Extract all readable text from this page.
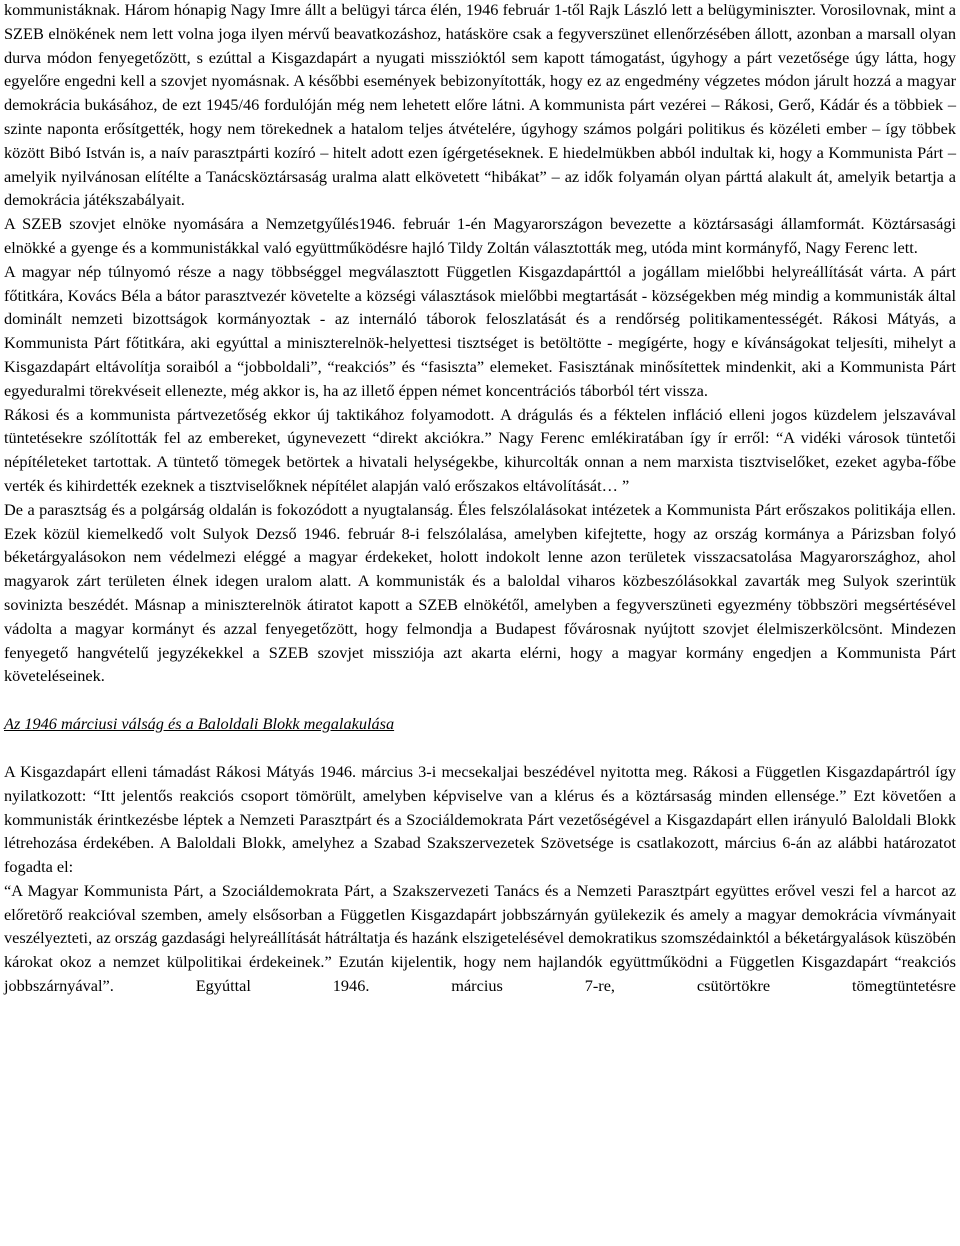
kommunistáknak. Három hónapig Nagy Imre állt a belügyi tárca élén, 1946 február 1-től Rajk László lett a belügyminiszter. Vorosilovnak, mint a SZEB elnökének nem lett volna joga ilyen mérvű beavatkozáshoz, hatásköre csak a fegyverszünet ellenőrzésében állott, azonban a marsall olyan durva módon fenyegetőzött, s ezúttal a Kisgazdapárt a nyugati missziόktól sem kapott támogatást, úgyhogy a párt vezetősége úgy látta, hogy egyelőre engedni kell a szovjet nyomásnak. A későbbi események bebizonyították, hogy ez az engedmény végzetes módon járult hozzá a magyar demokrácia bukásához, de ezt 1945/46 fordulóján még nem lehetett előre látni. A kommunista párt vezérei – Rákosi, Gerő, Kádár és a többiek – szinte naponta erősítgették, hogy nem törekednek a hatalom teljes átvételére, úgyhogy számos polgári politikus és közéleti ember – így többek között Bibó István is, a naív parasztpárti kοzíró – hitelt adott ezen ígérgetéseknek. E hiedelmükben abból indultak ki, hogy a Kommunista Párt – amelyik nyilvánosan elítélte a Tanácsköztársaság uralma alatt elkövetett “hibákat” – az idők folyamán olyan párttá alakult át, amelyik betartja a demokrácia játékszabályait.

A SZEB szovjet elnöke nyomására a Nemzetgyűlés1946. február 1-én Magyarországon bevezette a köztársasági államformát. Köztársasági elnökké a gyenge és a kommunistákkal való együttműködésre hajló Tildy Zoltán választották meg, utóda mint kormányfő, Nagy Ferenc lett.

A magyar nép túlnyomó része a nagy többséggel megválasztott Független Kisgazdapárttól a jogállam mielőbbi helyreállítását várta. A párt főtitkára, Kovács Béla a bátor parasztvezér követelte a községi választások mielőbbi megtartását - községekben még mindig a kommunisták által dominált nemzeti bizottságok kormányoztak - az internáló táborok feloszlatását és a rendőrség politikamentességét. Rákosi Mátyás, a Kommunista Párt főtitkára, aki egyúttal a miniszterelnök-helyettesi tisztséget is betöltötte - megígérte, hogy e kívánságokat teljesíti, mihelyt a Kisgazdapárt eltávolítja soraiból a “jobboldali”, “reakciós” és “fasiszta” elemeket. Fasisztának minősítettek mindenkit, aki a Kommunista Párt egyeduralmi törekvéseit ellenezte, még akkor is, ha az illető éppen német koncentrációs táborból tért vissza.

Rákosi és a kommunista pártvezetőség ekkor új taktikához folyamodott. A drágulás és a féktelen infláció elleni jogos küzdelem jelszavával tüntetésekre szólították fel az embereket, úgynevezett “direkt akciókra.” Nagy Ferenc emlékiratában így ír erről: “A vidéki városok tüntetői népítéleteket tartottak. A tüntető tömegek betörtek a hivatali helységekbe, kihurcolták onnan a nem marxista tisztviselőket, ezeket agyba-főbe verték és kihirdették ezeknek a tisztviselőknek népítélet alapján való erőszakos eltávolítását… ”

De a parasztság és a polgárság oldalán is fokozódott a nyugtalanság. Éles felszólalásokat intézetek a Kommunista Párt erőszakos politikája ellen. Ezek közül kiemelkedő volt Sulyok Dezső 1946. február 8-i felszólalása, amelyben kifejtette, hogy az ország kormánya a Párizsban folyó béketárgyalásokon nem védelmezi eléggé a magyar érdekeket, holott indokolt lenne azon területek visszacsatolása Magyarországhoz, ahol magyarok zárt területen élnek idegen uralom alatt. A kommunisták és a baloldal viharos közbeszólásokkal zavarták meg Sulyok szerintük sovinizta beszédét. Másnap a miniszterelnök átiratot kapott a SZEB elnökétől, amelyben a fegyverszüneti egyezmény többszöri megsértésével vádolta a magyar kormányt és azzal fenyegetőzött, hogy felmondja a Budapest fővárosnak nyújtott szovjet élelmiszerkölcsönt. Mindezen fenyegető hangvételű jegyzékekkel a SZEB szovjet missziója azt akarta elérni, hogy a magyar kormány engedjen a Kommunista Párt követeléseinek.

Az 1946 márciusi válság és a Baloldali Blokk megalakulása

A Kisgazdapárt elleni támadást Rákosi Mátyás 1946. március 3-i mecsekaljai beszédével nyitotta meg. Rákosi a Független Kisgazdapártról így nyilatkozott: “Itt jelentős reakciós csoport tömörült, amelyben képviselve van a klérus és a köztársaság minden ellensége.” Ezt követően a kommunisták érintkezésbe léptek a Nemzeti Parasztpárt és a Szociáldemokrata Párt vezetőségével a Kisgazdapárt ellen irányuló Baloldali Blokk létrehozása érdekében. A Baloldali Blokk, amelyhez a Szabad Szakszervezetek Szövetsége is csatlakozott, március 6-án az alábbi határozatot fogadta el:

“A Magyar Kommunista Párt, a Szociáldemokrata Párt, a Szakszervezeti Tanács és a Nemzeti Parasztpárt együttes erővel veszi fel a harcot az előretörő reakcióval szemben, amely elsősorban a Független Kisgazdapárt jobbszárnyán gyülekezik és amely a magyar demokrácia vívmányait veszélyezteti, az ország gazdasági helyreállítását hátráltatja és hazánk elszigetelésével demokratikus szomszédainktól a béketárgyalások küszöbén károkat okoz a nemzet külpolitikai érdekeinek.” Ezután kijelentik, hogy nem hajlandók együttműködni a Független Kisgazdapárt “reakciós jobbszárnyával”. Egyúttal 1946. március 7-re, csütörtökre tömegtüntetésre
